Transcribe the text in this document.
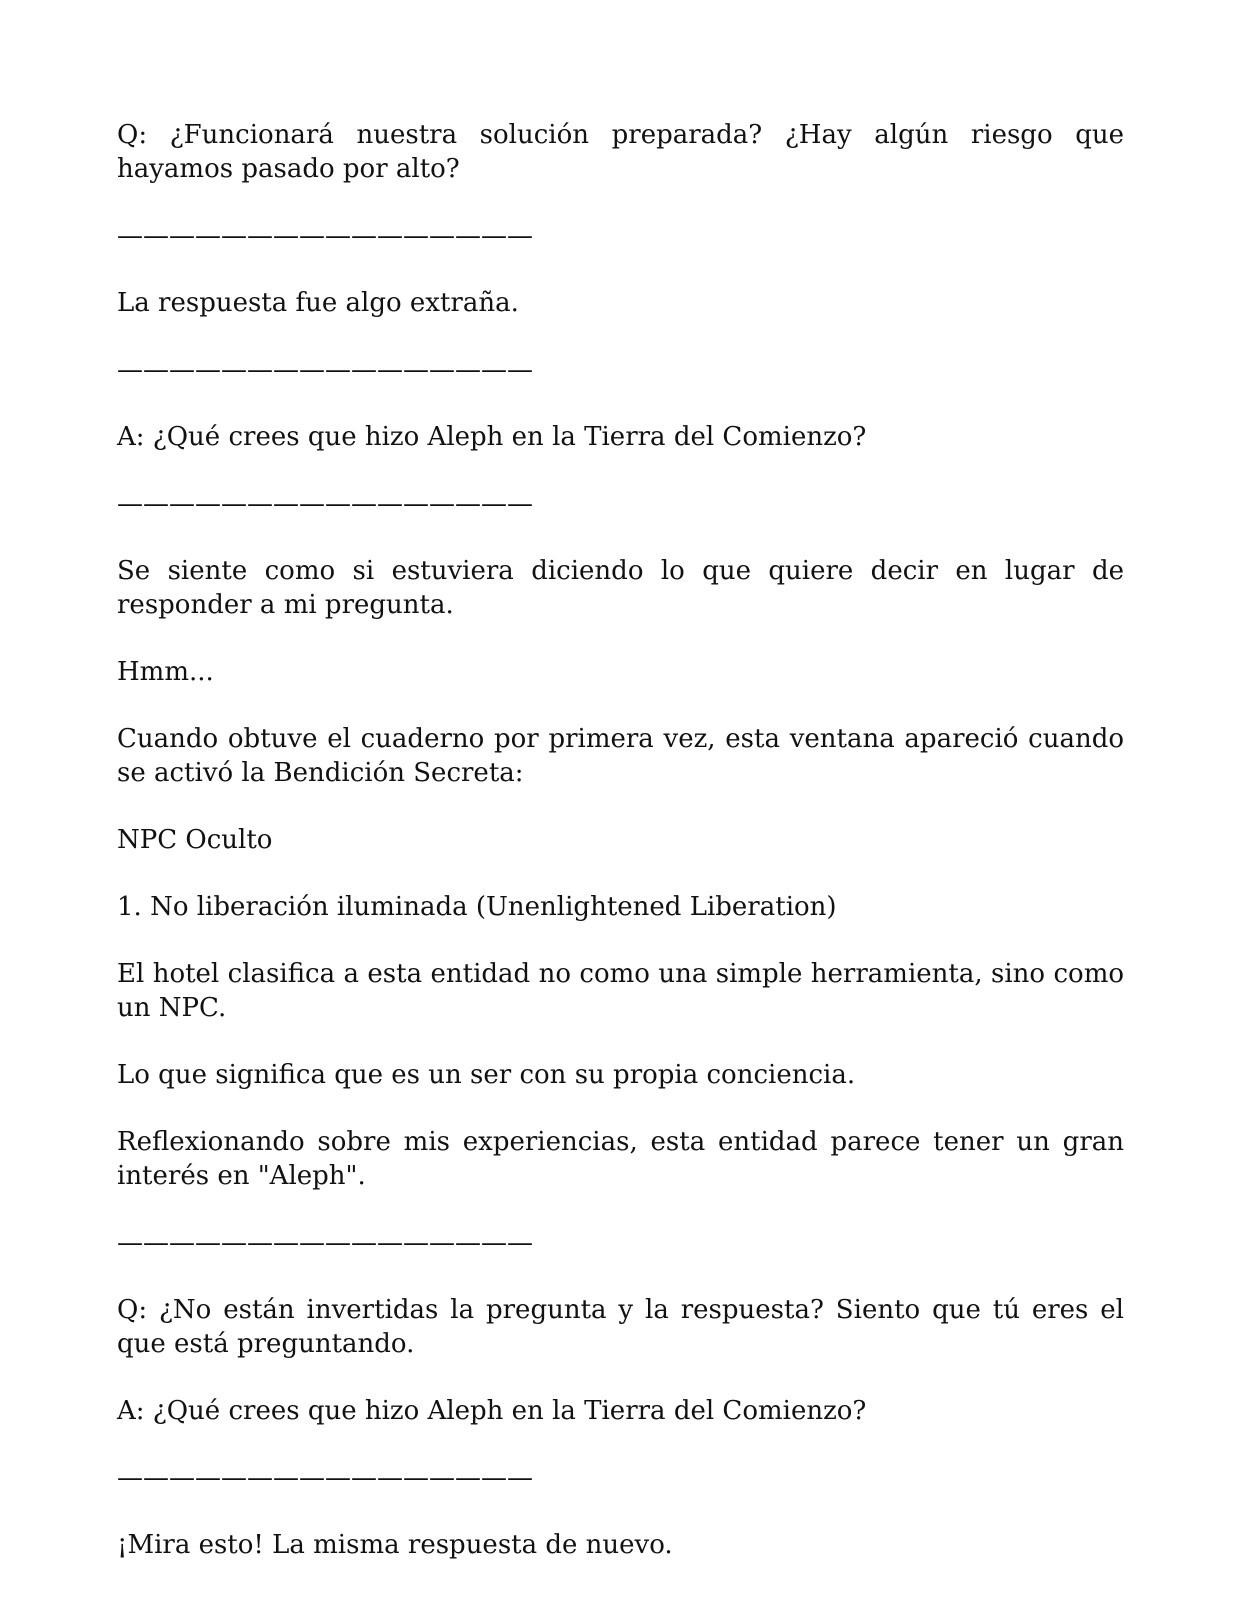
Q: ¿Funcionará nuestra solución preparada? ¿Hay algún riesgo que hayamos pasado por alto?

————————————————

La respuesta fue algo extraña.

————————————————

A: ¿Qué crees que hizo Aleph en la Tierra del Comienzo?

————————————————

Se siente como si estuviera diciendo lo que quiere decir en lugar de responder a mi pregunta.

Hmm...

Cuando obtuve el cuaderno por primera vez, esta ventana apareció cuando se activó la Bendición Secreta:

NPC Oculto

1. No liberación iluminada (Unenlightened Liberation)

El hotel clasifica a esta entidad no como una simple herramienta, sino como un NPC.

Lo que significa que es un ser con su propia conciencia.

Reflexionando sobre mis experiencias, esta entidad parece tener un gran interés en "Aleph".

————————————————

Q: ¿No están invertidas la pregunta y la respuesta? Siento que tú eres el que está preguntando.

A: ¿Qué crees que hizo Aleph en la Tierra del Comienzo?

————————————————

¡Mira esto! La misma respuesta de nuevo.
